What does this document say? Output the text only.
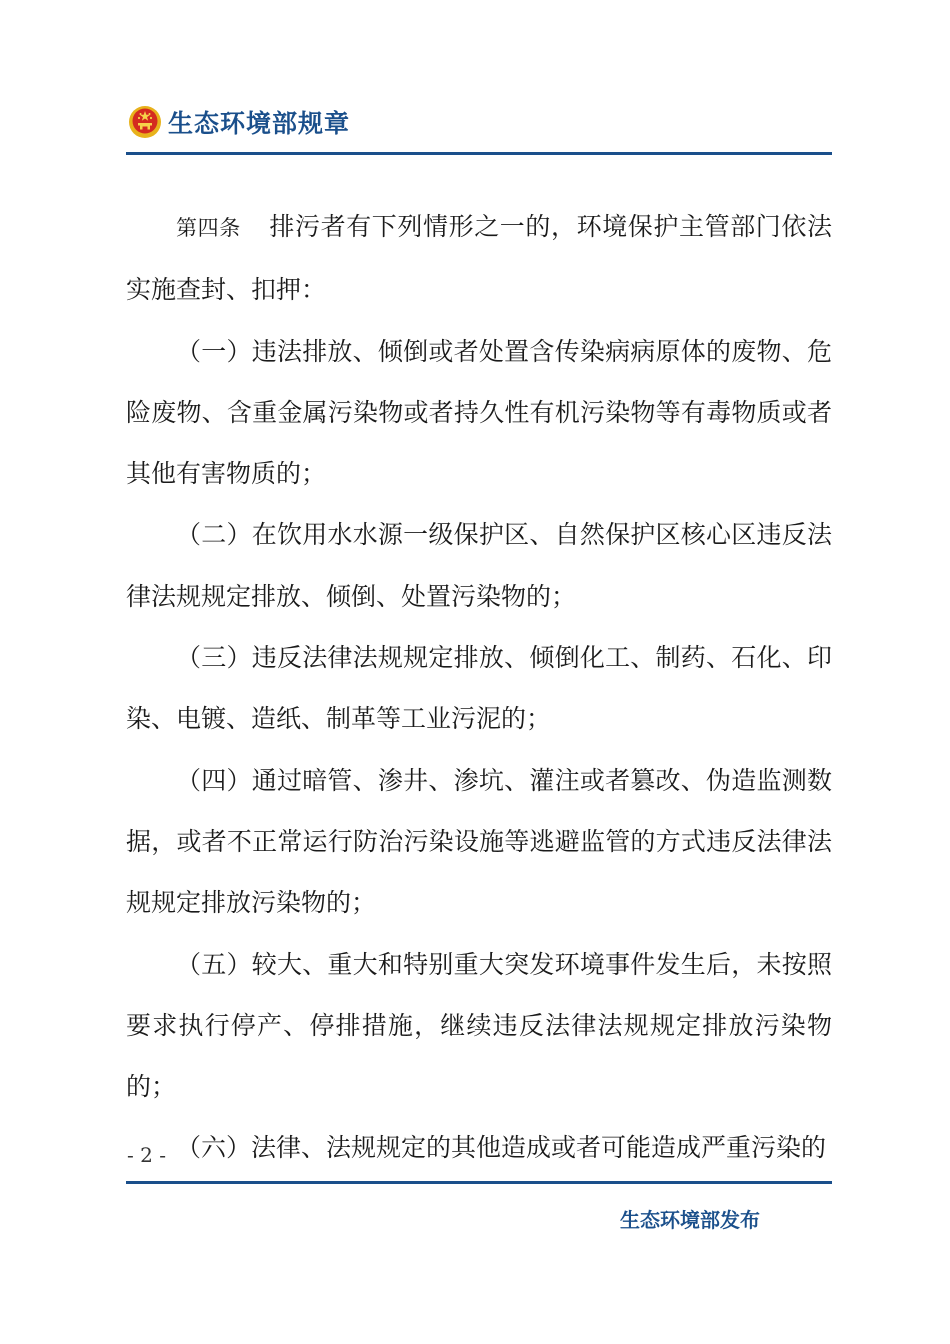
生态环境部规章

第四条 排污者有下列情形之一的，环境保护主管部门依法实施查封、扣押：

（一）违法排放、倾倒或者处置含传染病病原体的废物、危险废物、含重金属污染物或者持久性有机污染物等有毒物质或者其他有害物质的；

（二）在饮用水水源一级保护区、自然保护区核心区违反法律法规规定排放、倾倒、处置污染物的；

（三）违反法律法规规定排放、倾倒化工、制药、石化、印染、电镀、造纸、制革等工业污泥的；

（四）通过暗管、渗井、渗坑、灌注或者篡改、伪造监测数据，或者不正常运行防治污染设施等逃避监管的方式违反法律法规规定排放污染物的；

（五）较大、重大和特别重大突发环境事件发生后，未按照要求执行停产、停排措施，继续违反法律法规规定排放污染物的；

（六）法律、法规规定的其他造成或者可能造成严重污染的

- 2 -
生态环境部发布
